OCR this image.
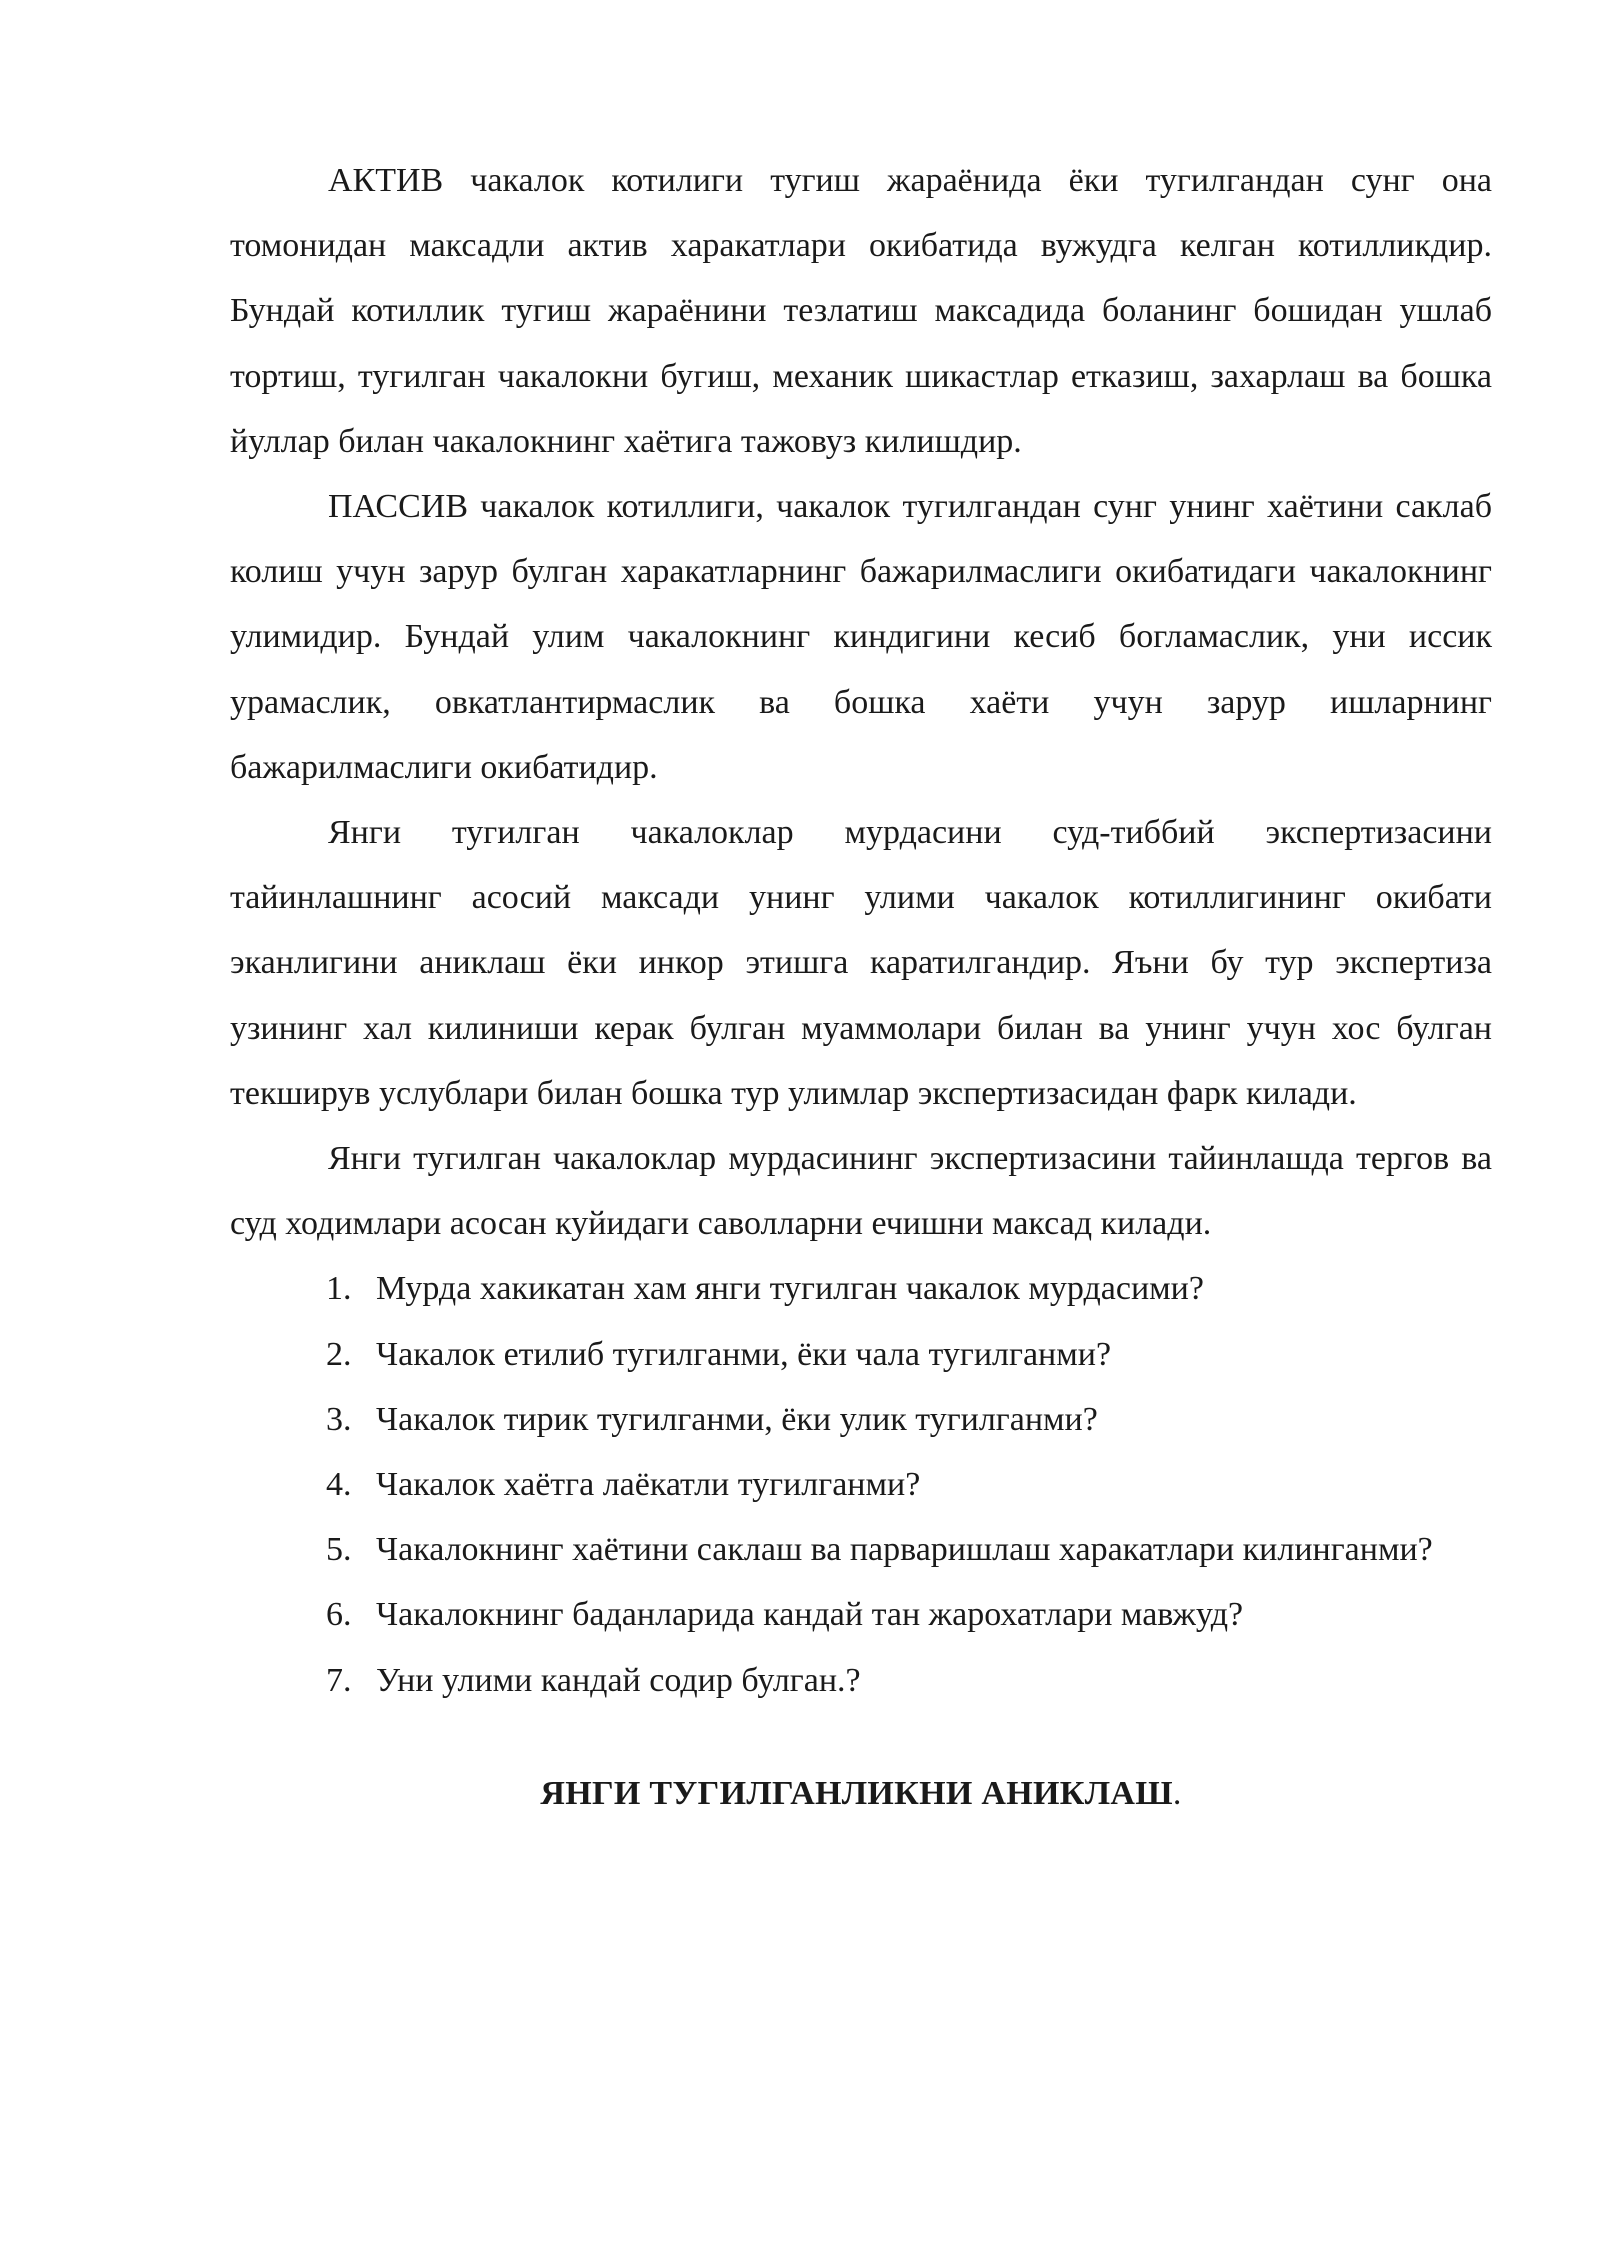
АКТИВ чакалок котилиги тугиш жараёнида ёки тугилгандан сунг она томонидан максадли актив харакатлари окибатида вужудга келган котилликдир. Бундай котиллик тугиш жараёнини тезлатиш максадида боланинг бошидан ушлаб тортиш, тугилган чакалокни бугиш, механик шикастлар етказиш, захарлаш ва бошка йуллар билан чакалокнинг хаётига тажовуз килишдир.

ПАССИВ чакалок котиллиги, чакалок тугилгандан сунг унинг хаётини саклаб колиш учун зарур булган харакатларнинг бажарилмаслиги окибатидаги чакалокнинг улимидир. Бундай улим чакалокнинг киндигини кесиб богламаслик, уни иссик урамаслик, овкатлантирмаслик ва бошка хаёти учун зарур ишларнинг бажарилмаслиги окибатидир.

Янги тугилган чакалоклар мурдасини суд-тиббий экспертизасини тайинлашнинг асосий максади унинг улими чакалок котиллигининг окибати эканлигини аниклаш ёки инкор этишга каратилгандир. Яъни бу тур экспертиза узининг хал килиниши керак булган муаммолари билан ва унинг учун хос булган текширув услублари билан бошка тур улимлар экспертизасидан фарк килади.

Янги тугилган чакалоклар мурдасининг экспертизасини тайинлашда тергов ва суд ходимлари асосан куйидаги саволларни ечишни максад килади.

1. Мурда хакикатан хам янги тугилган чакалок мурдасими?
2. Чакалок етилиб тугилганми, ёки чала тугилганми?
3. Чакалок тирик тугилганми, ёки улик тугилганми?
4. Чакалок хаётга лаёкатли тугилганми?
5. Чакалокнинг хаётини саклаш ва парваришлаш харакатлари килинганми?
6. Чакалокнинг баданларида кандай тан жарохатлари мавжуд?
7. Уни улими кандай содир булган.?
ЯНГИ ТУГИЛГАНЛИКНИ АНИКЛАШ.
